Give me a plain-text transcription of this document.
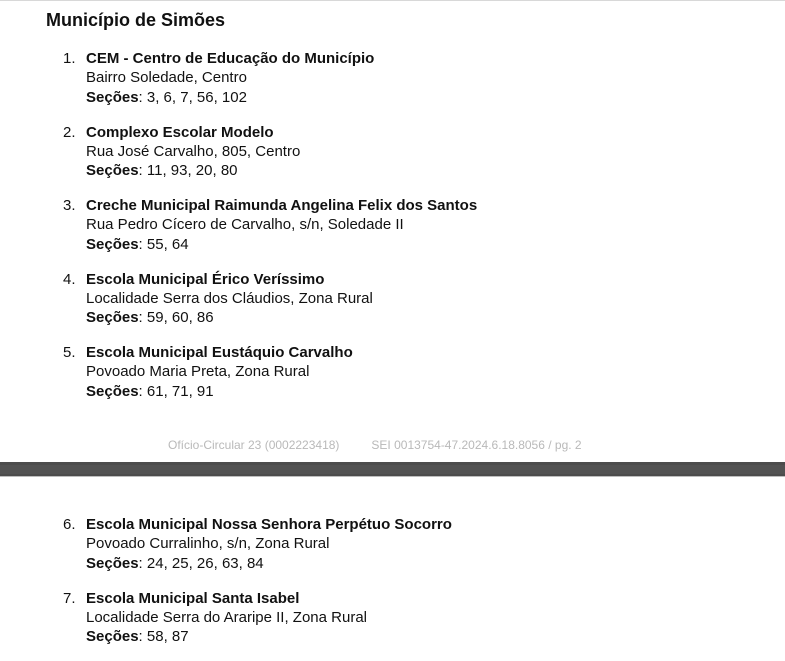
Município de Simões
1. CEM - Centro de Educação do Município
Bairro Soledade, Centro
Seções: 3, 6, 7, 56, 102
2. Complexo Escolar Modelo
Rua José Carvalho, 805, Centro
Seções: 11, 93, 20, 80
3. Creche Municipal Raimunda Angelina Felix dos Santos
Rua Pedro Cícero de Carvalho, s/n, Soledade II
Seções: 55, 64
4. Escola Municipal Érico Veríssimo
Localidade Serra dos Cláudios, Zona Rural
Seções: 59, 60, 86
5. Escola Municipal Eustáquio Carvalho
Povoado Maria Preta, Zona Rural
Seções: 61, 71, 91
Ofício-Circular 23 (0002223418)	SEI 0013754-47.2024.6.18.8056 / pg. 2
6. Escola Municipal Nossa Senhora Perpétuo Socorro
Povoado Curralinho, s/n, Zona Rural
Seções: 24, 25, 26, 63, 84
7. Escola Municipal Santa Isabel
Localidade Serra do Araripe II, Zona Rural
Seções: 58, 87
